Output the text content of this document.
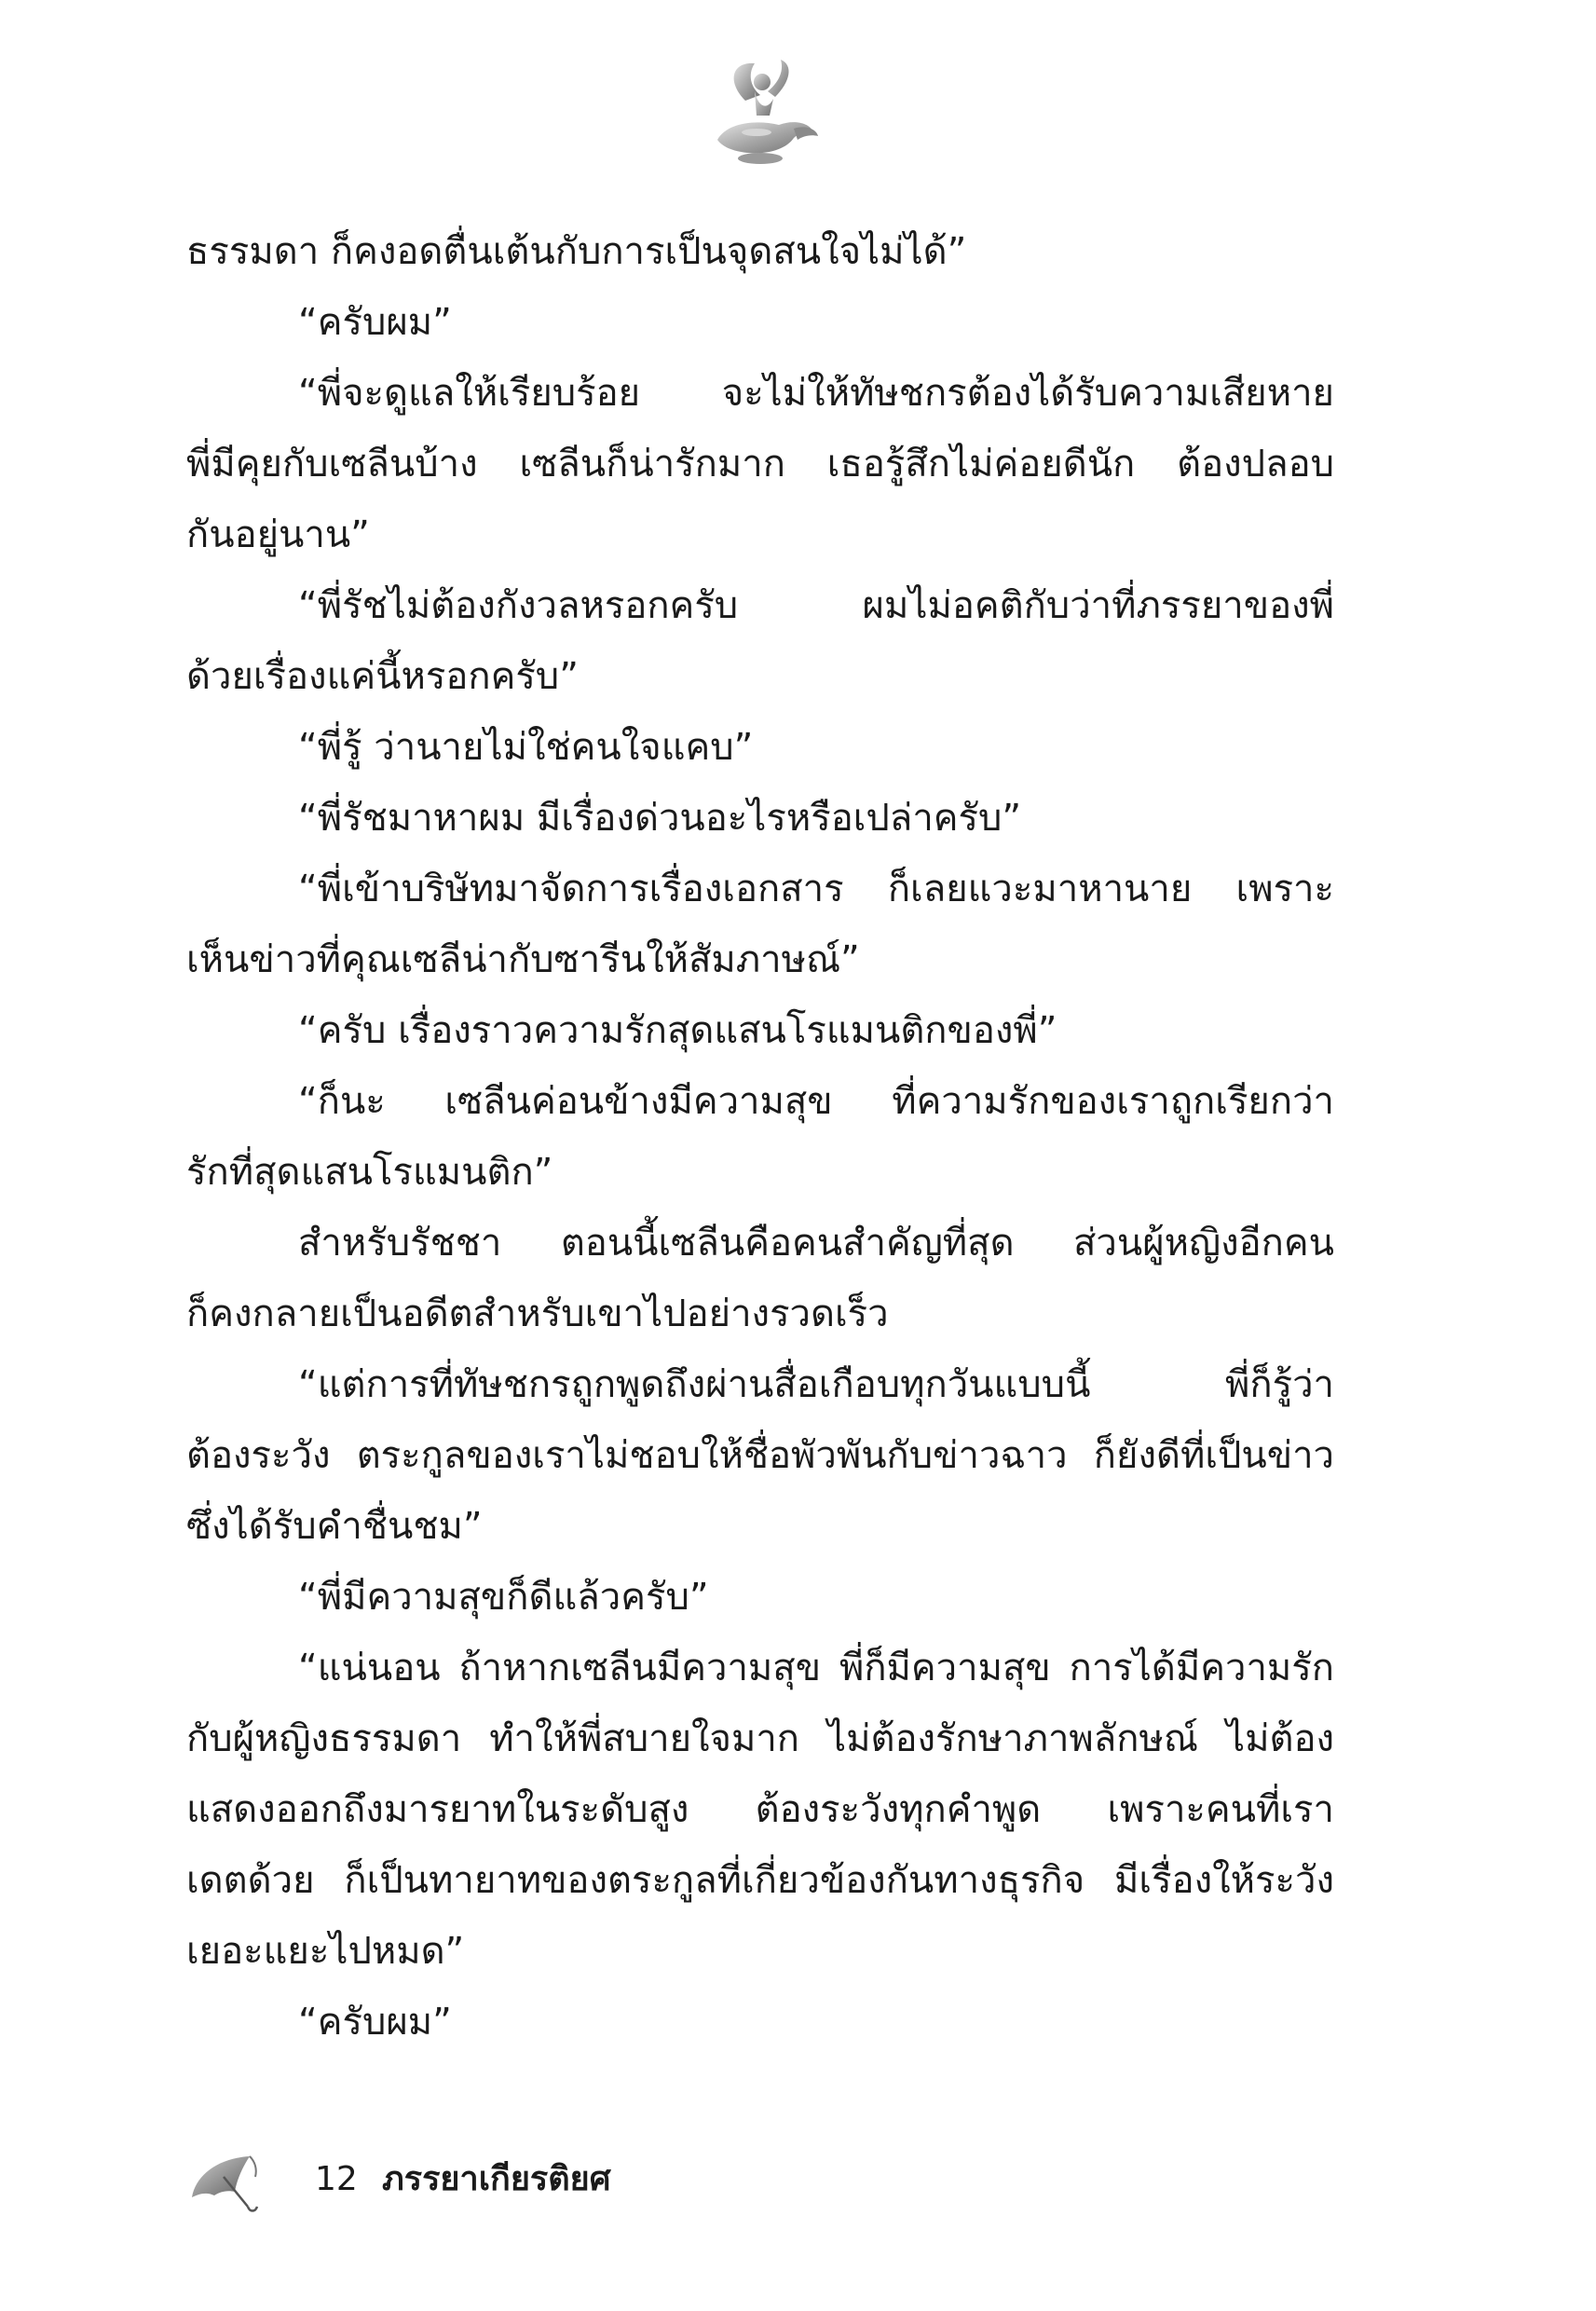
ธรรมดา ก็คงอดตื่นเต้นกับการเป็นจุดสนใจไม่ได้”
“ครับผม”
“พี่จะดูแลให้เรียบร้อย จะไม่ให้ทัษชกรต้องได้รับความเสียหาย
พี่มีคุยกับเซลีนบ้าง เซลีนก็น่ารักมาก เธอรู้สึกไม่ค่อยดีนัก ต้องปลอบ
กันอยู่นาน”
“พี่รัชไม่ต้องกังวลหรอกครับ ผมไม่อคติกับว่าที่ภรรยาของพี่
ด้วยเรื่องแค่นี้หรอกครับ”
“พี่รู้ ว่านายไม่ใช่คนใจแคบ”
“พี่รัชมาหาผม มีเรื่องด่วนอะไรหรือเปล่าครับ”
“พี่เข้าบริษัทมาจัดการเรื่องเอกสาร ก็เลยแวะมาหานาย เพราะ
เห็นข่าวที่คุณเซลีน่ากับซารีนให้สัมภาษณ์”
“ครับ เรื่องราวความรักสุดแสนโรแมนติกของพี่”
“ก็นะ เซลีนค่อนข้างมีความสุข ที่ความรักของเราถูกเรียกว่า
รักที่สุดแสนโรแมนติก”
สำหรับรัชชา ตอนนี้เซลีนคือคนสำคัญที่สุด ส่วนผู้หญิงอีกคน
ก็คงกลายเป็นอดีตสำหรับเขาไปอย่างรวดเร็ว
“แต่การที่ทัษชกรถูกพูดถึงผ่านสื่อเกือบทุกวันแบบนี้ พี่ก็รู้ว่า
ต้องระวัง ตระกูลของเราไม่ชอบให้ชื่อพัวพันกับข่าวฉาว ก็ยังดีที่เป็นข่าว
ซึ่งได้รับคำชื่นชม”
“พี่มีความสุขก็ดีแล้วครับ”
“แน่นอน ถ้าหากเซลีนมีความสุข พี่ก็มีความสุข การได้มีความรัก
กับผู้หญิงธรรมดา ทำให้พี่สบายใจมาก ไม่ต้องรักษาภาพลักษณ์ ไม่ต้อง
แสดงออกถึงมารยาทในระดับสูง ต้องระวังทุกคำพูด เพราะคนที่เรา
เดตด้วย ก็เป็นทายาทของตระกูลที่เกี่ยวข้องกันทางธุรกิจ มีเรื่องให้ระวัง
เยอะแยะไปหมด”
“ครับผม”
12 ภรรยาเกียรติยศ
